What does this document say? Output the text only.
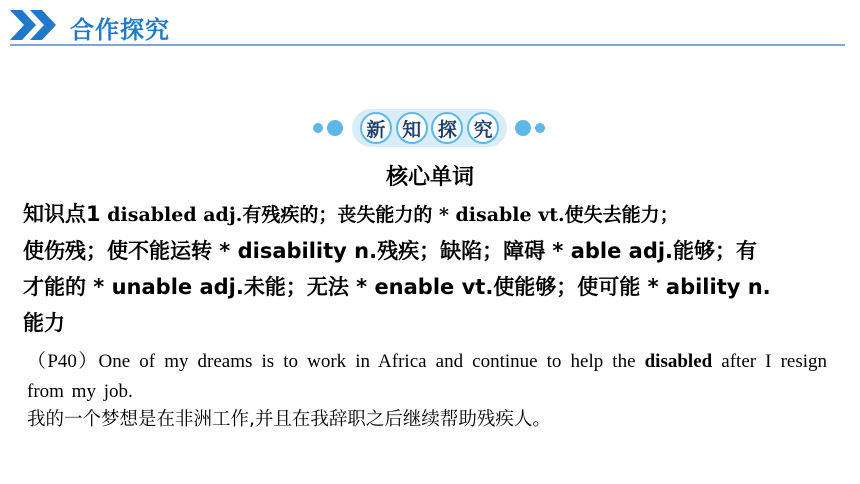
合作探究
新 知 探 究
核心单词
知识点1 disabled adj.有残疾的；丧失能力的 * disable vt.使失去能力；
使伤残；使不能运转 * disability n.残疾；缺陷；障碍 * able adj.能够；有
才能的 * unable adj.未能；无法 * enable vt.使能够；使可能 * ability n.
能力
（P40）One of my dreams is to work in Africa and continue to help the disabled after I resign from my job.
我的一个梦想是在非洲工作,并且在我辞职之后继续帮助残疾人。
